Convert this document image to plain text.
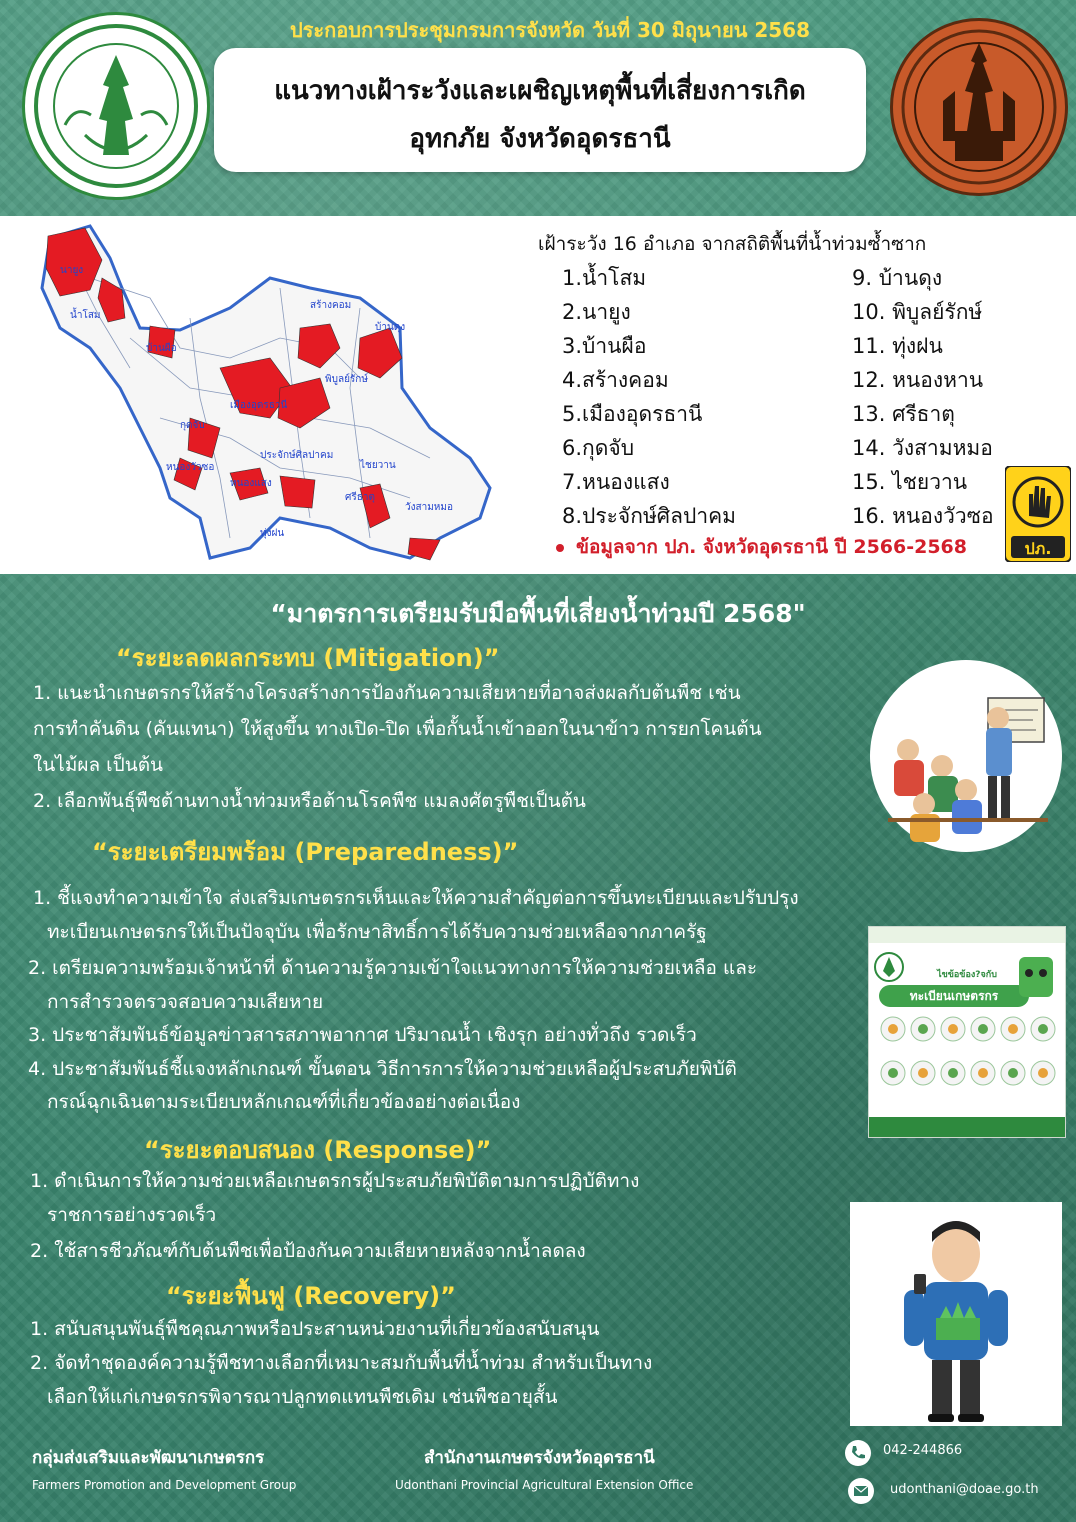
ประกอบการประชุมกรมการจังหวัด วันที่ 30 มิถุนายน 2568
แนวทางเฝ้าระวังและเผชิญเหตุพื้นที่เสี่ยงการเกิด
อุทกภัย จังหวัดอุดรธานี
นายูง
น้ำโสม
บ้านผือ
สร้างคอม
บ้านดุง
พิบูลย์รักษ์
กุดจับ
เมืองอุดรธานี
ประจักษ์ศิลปาคม
หนองวัวซอ
หนองแสง
ไชยวาน
ศรีธาตุ
วังสามหมอ
ทุ่งฝน
เฝ้าระวัง 16 อำเภอ จากสถิติพื้นที่น้ำท่วมซ้ำซาก
1.น้ำโสม
2.นายูง
3.บ้านผือ
4.สร้างคอม
5.เมืองอุดรธานี
6.กุดจับ
7.หนองแสง
8.ประจักษ์ศิลปาคม
9. บ้านดุง
10. พิบูลย์รักษ์
11. ทุ่งฝน
12. หนองหาน
13. ศรีธาตุ
14. วังสามหมอ
15. ไชยวาน
16. หนองวัวซอ
ข้อมูลจาก ปภ. จังหวัดอุดรธานี ปี 2566-2568	ปภ.
“มาตรการเตรียมรับมือพื้นที่เสี่ยงน้ำท่วมปี 2568"
“ระยะลดผลกระทบ (Mitigation)”
1. แนะนำเกษตรกรให้สร้างโครงสร้างการป้องกันความเสียหายที่อาจส่งผลกับต้นพืช เช่น
การทำคันดิน (คันแทนา) ให้สูงขึ้น ทางเปิด-ปิด เพื่อกั้นน้ำเข้าออกในนาข้าว การยกโคนต้น
ในไม้ผล เป็นต้น
2. เลือกพันธุ์พืชต้านทางน้ำท่วมหรือต้านโรคพืช แมลงศัตรูพืชเป็นต้น
“ระยะเตรียมพร้อม (Preparedness)”
1. ชี้แจงทำความเข้าใจ ส่งเสริมเกษตรกรเห็นและให้ความสำคัญต่อการขึ้นทะเบียนและปรับปรุง
ทะเบียนเกษตรกรให้เป็นปัจจุบัน เพื่อรักษาสิทธิ์การได้รับความช่วยเหลือจากภาครัฐ
2. เตรียมความพร้อมเจ้าหน้าที่ ด้านความรู้ความเข้าใจแนวทางการให้ความช่วยเหลือ และ
การสำรวจตรวจสอบความเสียหาย
3. ประชาสัมพันธ์ข้อมูลข่าวสารสภาพอากาศ ปริมาณน้ำ เชิงรุก อย่างทั่วถึง รวดเร็ว
4. ประชาสัมพันธ์ชี้แจงหลักเกณฑ์ ขั้นตอน วิธีการการให้ความช่วยเหลือผู้ประสบภัยพิบัติ
กรณ์ฉุกเฉินตามระเบียบหลักเกณฑ์ที่เกี่ยวข้องอย่างต่อเนื่อง
“ระยะตอบสนอง (Response)”
1. ดำเนินการให้ความช่วยเหลือเกษตรกรผู้ประสบภัยพิบัติตามการปฏิบัติทาง
ราชการอย่างรวดเร็ว
2. ใช้สารชีวภัณฑ์กับต้นพืชเพื่อป้องกันความเสียหายหลังจากน้ำลดลง
“ระยะฟื้นฟู (Recovery)”
1. สนับสนุนพันธุ์พืชคุณภาพหรือประสานหน่วยงานที่เกี่ยวข้องสนับสนุน
2. จัดทำชุดองค์ความรู้พืชทางเลือกที่เหมาะสมกับพื้นที่น้ำท่วม สำหรับเป็นทาง
เลือกให้แก่เกษตรกรพิจารณาปลูกทดแทนพืชเดิม เช่นพืชอายุสั้น
ไขข้อข้อง?จกับ
ทะเบียนเกษตรกร
กลุ่มส่งเสริมและพัฒนาเกษตรกร
Farmers Promotion and Development Group
สำนักงานเกษตรจังหวัดอุดรธานี
Udonthani Provincial Agricultural Extension Office
042-244866
udonthani@doae.go.th
